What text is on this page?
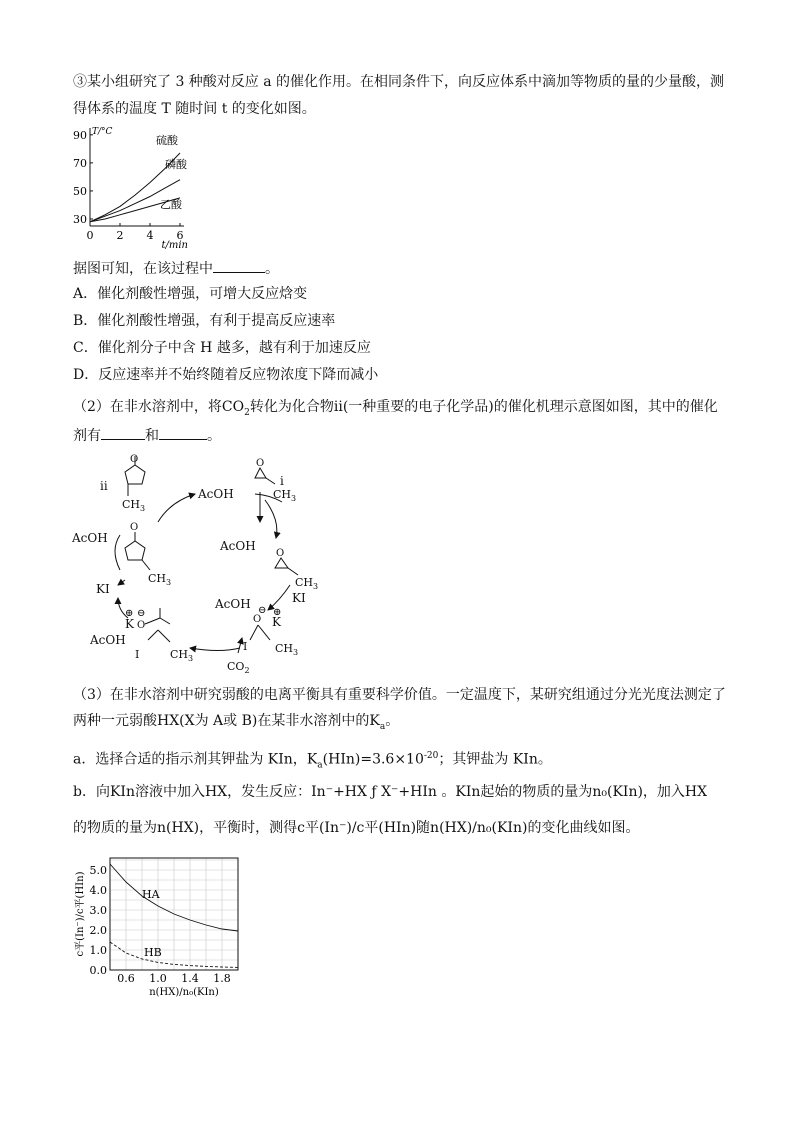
③某小组研究了 3 种酸对反应 a 的催化作用。在相同条件下，向反应体系中滴加等物质的量的少量酸，测
得体系的温度 T 随时间 t 的变化如图。
0 2 4 6
30
50
70
90 T/°C
t/min
硫酸
磷酸
乙酸
据图可知，在该过程中	。
A．催化剂酸性增强，可增大反应焓变
B．催化剂酸性增强，有利于提高反应速率
C．催化剂分子中含 H 越多，越有利于加速反应
D．反应速率并不始终随着反应物浓度下降而减小
（2）在非水溶剂中，将$CO_2$转化为化合物ⅱ(一种重要的电子化学品)的催化机理示意图如图，其中的催化
剂有	和	。
ii
O
$CH_3$
AcOH
O
i
$CH_3$
AcOH
O
$CH_3$
KI
AcOH
O
⊖ ⊕
K
I	$CH_3$
$CO_2$
⊕ ⊖
K O
AcOH
I	$CH_3$
KI
AcOH
O
$CH_3$
（3）在非水溶剂中研究弱酸的电离平衡具有重要科学价值。一定温度下，某研究组通过分光光度法测定了
两种一元弱酸HX(X为 A或 B)在某非水溶剂中的$K_a$。
a．选择合适的指示剂其钾盐为 KIn，$K_a(HIn)=3.6\times 10^{-20}$；其钾盐为 KIn。
b．向KIn溶液中加入HX，发生反应：In⁻+HX ƒ X⁻+HIn 。KIn起始的物质的量为n₀(KIn)，加入HX
的物质的量为n(HX)，平衡时，测得c平(In⁻)/c平(HIn)随n(HX)/n₀(KIn)的变化曲线如图。
0.6 1.0 1.4 1.8
0.0
1.0
2.0
3.0
4.0
5.0
n(HX)/n₀(KIn)
c平(In⁻)/c平(HIn)	HA
HB
